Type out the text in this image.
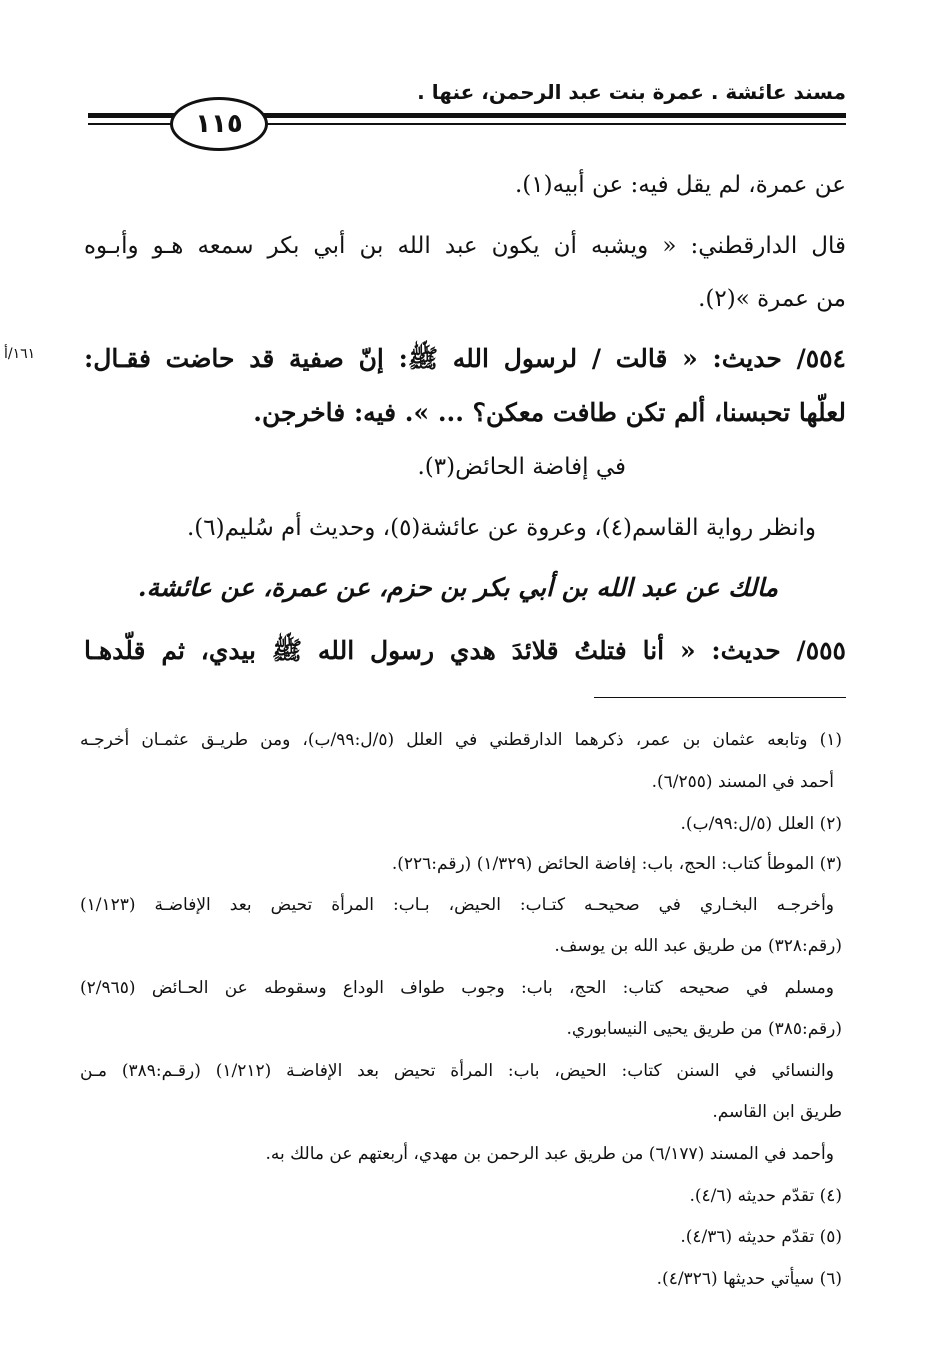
مسند عائشة . عمرة بنت عبد الرحمن، عنها .
١١٥
عن عمرة، لم يقل فيه: عن أبيه(١).
قال الدارقطني: « ويشبه أن يكون عبد الله بن أبي بكر سمعه هـو وأبـوه
من عمرة »(٢).
١٦١/أ ٥٥٤/ حديث: « قالت / لرسول الله ﷺ: إنّ صفية قد حاضت فقـال:
لعلّها تحبسنا، ألم تكن طافت معكن؟ ... ». فيه: فاخرجن.
في إفاضة الحائض(٣).
وانظر رواية القاسم(٤)، وعروة عن عائشة(٥)، وحديث أم سُليم(٦).
مالك عن عبد الله بن أبي بكر بن حزم، عن عمرة، عن عائشة.
٥٥٥/ حديث: « أنا فتلتُ قلائدَ هدي رسول الله ﷺ بيدي، ثم قلّدهـا
(١) وتابعه عثمان بن عمر، ذكرهما الدارقطني في العلل (٥/ل:٩٩/ب)، ومن طريـق عثمـان أخرجـه
أحمد في المسند (٦/٢٥٥).
(٢) العلل (٥/ل:٩٩/ب).
(٣) الموطأ كتاب: الحج، باب: إفاضة الحائض (١/٣٢٩) (رقم:٢٢٦).
وأخرجـه البخـاري في صحيحـه كتـاب: الحيض، بـاب: المرأة تحيض بعد الإفاضـة (١/١٢٣)
(رقم:٣٢٨) من طريق عبد الله بن يوسف.
ومسلم في صحيحه كتاب: الحج، باب: وجوب طواف الوداع وسقوطه عن الحـائض (٢/٩٦٥)
(رقم:٣٨٥) من طريق يحيى النيسابوري.
والنسائي في السنن كتاب: الحيض، باب: المرأة تحيض بعد الإفاضـة (١/٢١٢) (رقـم:٣٨٩) مـن
طريق ابن القاسم.
وأحمد في المسند (٦/١٧٧) من طريق عبد الرحمن بن مهدي، أربعتهم عن مالك به.
(٤) تقدّم حديثه (٤/٦).
(٥) تقدّم حديثه (٤/٣٦).
(٦) سيأتي حديثها (٤/٣٢٦).
